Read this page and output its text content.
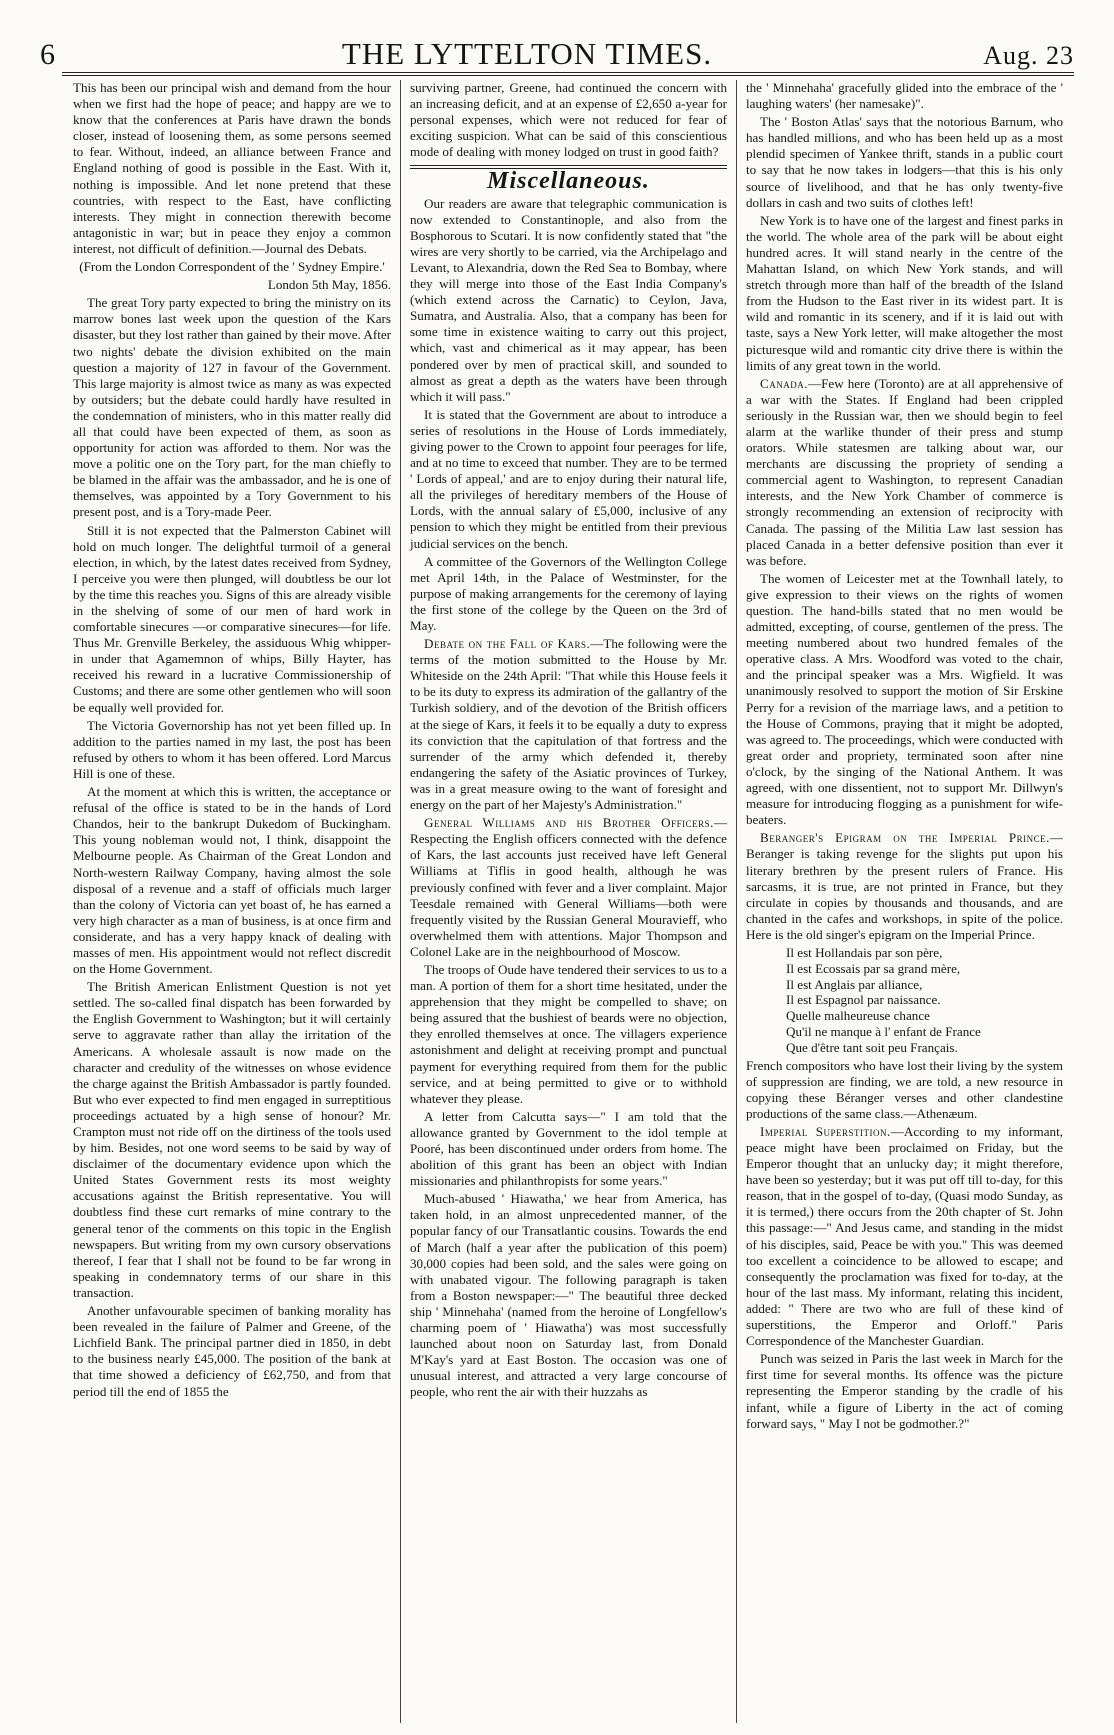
6	THE LYTTELTON TIMES.	Aug. 23

This has been our principal wish and demand from the hour when we first had the hope of peace; and happy are we to know that the conferences at Paris have drawn the bonds closer, instead of loosening them, as some persons seemed to fear. Without, indeed, an alliance between France and England nothing of good is possible in the East. With it, nothing is impossible. And let none pretend that these countries, with respect to the East, have conflicting interests. They might in connection therewith become antagonistic in war; but in peace they enjoy a common interest, not difficult of definition.—Journal des Debats.

(From the London Correspondent of the ' Sydney Empire.'

London 5th May, 1856.

The great Tory party expected to bring the ministry on its marrow bones last week upon the question of the Kars disaster, but they lost rather than gained by their move. After two nights' debate the division exhibited on the main question a majority of 127 in favour of the Government. This large majority is almost twice as many as was expected by outsiders; but the debate could hardly have resulted in the condemnation of ministers, who in this matter really did all that could have been expected of them, as soon as opportunity for action was afforded to them. Nor was the move a politic one on the Tory part, for the man chiefly to be blamed in the affair was the ambassador, and he is one of themselves, was appointed by a Tory Government to his present post, and is a Tory-made Peer.

Still it is not expected that the Palmerston Cabinet will hold on much longer. The delightful turmoil of a general election, in which, by the latest dates received from Sydney, I perceive you were then plunged, will doubtless be our lot by the time this reaches you. Signs of this are already visible in the shelving of some of our men of hard work in comfortable sinecures —or comparative sinecures—for life. Thus Mr. Grenville Berkeley, the assiduous Whig whipper-in under that Agamemnon of whips, Billy Hayter, has received his reward in a lucrative Commissionership of Customs; and there are some other gentlemen who will soon be equally well provided for.

The Victoria Governorship has not yet been filled up. In addition to the parties named in my last, the post has been refused by others to whom it has been offered. Lord Marcus Hill is one of these.

At the moment at which this is written, the acceptance or refusal of the office is stated to be in the hands of Lord Chandos, heir to the bankrupt Dukedom of Buckingham. This young nobleman would not, I think, disappoint the Melbourne people. As Chairman of the Great London and North-western Railway Company, having almost the sole disposal of a revenue and a staff of officials much larger than the colony of Victoria can yet boast of, he has earned a very high character as a man of business, is at once firm and considerate, and has a very happy knack of dealing with masses of men. His appointment would not reflect discredit on the Home Government.

The British American Enlistment Question is not yet settled. The so-called final dispatch has been forwarded by the English Government to Washington; but it will certainly serve to aggravate rather than allay the irritation of the Americans. A wholesale assault is now made on the character and credulity of the witnesses on whose evidence the charge against the British Ambassador is partly founded. But who ever expected to find men engaged in surreptitious proceedings actuated by a high sense of honour? Mr. Crampton must not ride off on the dirtiness of the tools used by him. Besides, not one word seems to be said by way of disclaimer of the documentary evidence upon which the United States Government rests its most weighty accusations against the British representative. You will doubtless find these curt remarks of mine contrary to the general tenor of the comments on this topic in the English newspapers. But writing from my own cursory observations thereof, I fear that I shall not be found to be far wrong in speaking in condemnatory terms of our share in this transaction.

Another unfavourable specimen of banking morality has been revealed in the failure of Palmer and Greene, of the Lichfield Bank. The principal partner died in 1850, in debt to the business nearly £45,000. The position of the bank at that time showed a deficiency of £62,750, and from that period till the end of 1855 the

surviving partner, Greene, had continued the concern with an increasing deficit, and at an expense of £2,650 a-year for personal expenses, which were not reduced for fear of exciting suspicion. What can be said of this conscientious mode of dealing with money lodged on trust in good faith?

Miscellaneous.

Our readers are aware that telegraphic communication is now extended to Constantinople, and also from the Bosphorous to Scutari. It is now confidently stated that "the wires are very shortly to be carried, via the Archipelago and Levant, to Alexandria, down the Red Sea to Bombay, where they will merge into those of the East India Company's (which extend across the Carnatic) to Ceylon, Java, Sumatra, and Australia. Also, that a company has been for some time in existence waiting to carry out this project, which, vast and chimerical as it may appear, has been pondered over by men of practical skill, and sounded to almost as great a depth as the waters have been through which it will pass."

It is stated that the Government are about to introduce a series of resolutions in the House of Lords immediately, giving power to the Crown to appoint four peerages for life, and at no time to exceed that number. They are to be termed ' Lords of appeal,' and are to enjoy during their natural life, all the privileges of hereditary members of the House of Lords, with the annual salary of £5,000, inclusive of any pension to which they might be entitled from their previous judicial services on the bench.

A committee of the Governors of the Wellington College met April 14th, in the Palace of Westminster, for the purpose of making arrangements for the ceremony of laying the first stone of the college by the Queen on the 3rd of May.

Debate on the Fall of Kars.—The following were the terms of the motion submitted to the House by Mr. Whiteside on the 24th April: "That while this House feels it to be its duty to express its admiration of the gallantry of the Turkish soldiery, and of the devotion of the British officers at the siege of Kars, it feels it to be equally a duty to express its conviction that the capitulation of that fortress and the surrender of the army which defended it, thereby endangering the safety of the Asiatic provinces of Turkey, was in a great measure owing to the want of foresight and energy on the part of her Majesty's Administration."

General Williams and his Brother Officers.—Respecting the English officers connected with the defence of Kars, the last accounts just received have left General Williams at Tiflis in good health, although he was previously confined with fever and a liver complaint. Major Teesdale remained with General Williams—both were frequently visited by the Russian General Mouravieff, who overwhelmed them with attentions. Major Thompson and Colonel Lake are in the neighbourhood of Moscow.

The troops of Oude have tendered their services to us to a man. A portion of them for a short time hesitated, under the apprehension that they might be compelled to shave; on being assured that the bushiest of beards were no objection, they enrolled themselves at once. The villagers experience astonishment and delight at receiving prompt and punctual payment for everything required from them for the public service, and at being permitted to give or to withhold whatever they please.

A letter from Calcutta says—" I am told that the allowance granted by Government to the idol temple at Pooré, has been discontinued under orders from home. The abolition of this grant has been an object with Indian missionaries and philanthropists for some years."

Much-abused ' Hiawatha,' we hear from America, has taken hold, in an almost unprecedented manner, of the popular fancy of our Transatlantic cousins. Towards the end of March (half a year after the publication of this poem) 30,000 copies had been sold, and the sales were going on with unabated vigour. The following paragraph is taken from a Boston newspaper:—" The beautiful three decked ship ' Minnehaha' (named from the heroine of Longfellow's charming poem of ' Hiawatha') was most successfully launched about noon on Saturday last, from Donald M'Kay's yard at East Boston. The occasion was one of unusual interest, and attracted a very large concourse of people, who rent the air with their huzzahs as

the ' Minnehaha' gracefully glided into the embrace of the ' laughing waters' (her namesake)".

The ' Boston Atlas' says that the notorious Barnum, who has handled millions, and who has been held up as a most plendid specimen of Yankee thrift, stands in a public court to say that he now takes in lodgers—that this is his only source of livelihood, and that he has only twenty-five dollars in cash and two suits of clothes left!

New York is to have one of the largest and finest parks in the world. The whole area of the park will be about eight hundred acres. It will stand nearly in the centre of the Mahattan Island, on which New York stands, and will stretch through more than half of the breadth of the Island from the Hudson to the East river in its widest part. It is wild and romantic in its scenery, and if it is laid out with taste, says a New York letter, will make altogether the most picturesque wild and romantic city drive there is within the limits of any great town in the world.

Canada.—Few here (Toronto) are at all apprehensive of a war with the States. If England had been crippled seriously in the Russian war, then we should begin to feel alarm at the warlike thunder of their press and stump orators. While statesmen are talking about war, our merchants are discussing the propriety of sending a commercial agent to Washington, to represent Canadian interests, and the New York Chamber of commerce is strongly recommending an extension of reciprocity with Canada. The passing of the Militia Law last session has placed Canada in a better defensive position than ever it was before.

The women of Leicester met at the Townhall lately, to give expression to their views on the rights of women question. The hand-bills stated that no men would be admitted, excepting, of course, gentlemen of the press. The meeting numbered about two hundred females of the operative class. A Mrs. Woodford was voted to the chair, and the principal speaker was a Mrs. Wigfield. It was unanimously resolved to support the motion of Sir Erskine Perry for a revision of the marriage laws, and a petition to the House of Commons, praying that it might be adopted, was agreed to. The proceedings, which were conducted with great order and propriety, terminated soon after nine o'clock, by the singing of the National Anthem. It was agreed, with one dissentient, not to support Mr. Dillwyn's measure for introducing flogging as a punishment for wife-beaters.

Beranger's Epigram on the Imperial Prince.—Beranger is taking revenge for the slights put upon his literary brethren by the present rulers of France. His sarcasms, it is true, are not printed in France, but they circulate in copies by thousands and thousands, and are chanted in the cafes and workshops, in spite of the police. Here is the old singer's epigram on the Imperial Prince.

Il est Hollandais par son père,
Il est Ecossais par sa grand mère,
Il est Anglais par alliance,
Il est Espagnol par naissance.
Quelle malheureuse chance
Qu'il ne manque à l' enfant de France
Que d'être tant soit peu Français.

French compositors who have lost their living by the system of suppression are finding, we are told, a new resource in copying these Béranger verses and other clandestine productions of the same class.—Athenæum.

Imperial Superstition.—According to my informant, peace might have been proclaimed on Friday, but the Emperor thought that an unlucky day; it might therefore, have been so yesterday; but it was put off till to-day, for this reason, that in the gospel of to-day, (Quasi modo Sunday, as it is termed,) there occurs from the 20th chapter of St. John this passage:—" And Jesus came, and standing in the midst of his disciples, said, Peace be with you." This was deemed too excellent a coincidence to be allowed to escape; and consequently the proclamation was fixed for to-day, at the hour of the last mass. My informant, relating this incident, added: " There are two who are full of these kind of superstitions, the Emperor and Orloff." Paris Correspondence of the Manchester Guardian.

Punch was seized in Paris the last week in March for the first time for several months. Its offence was the picture representing the Emperor standing by the cradle of his infant, while a figure of Liberty in the act of coming forward says, " May I not be godmother.?"
